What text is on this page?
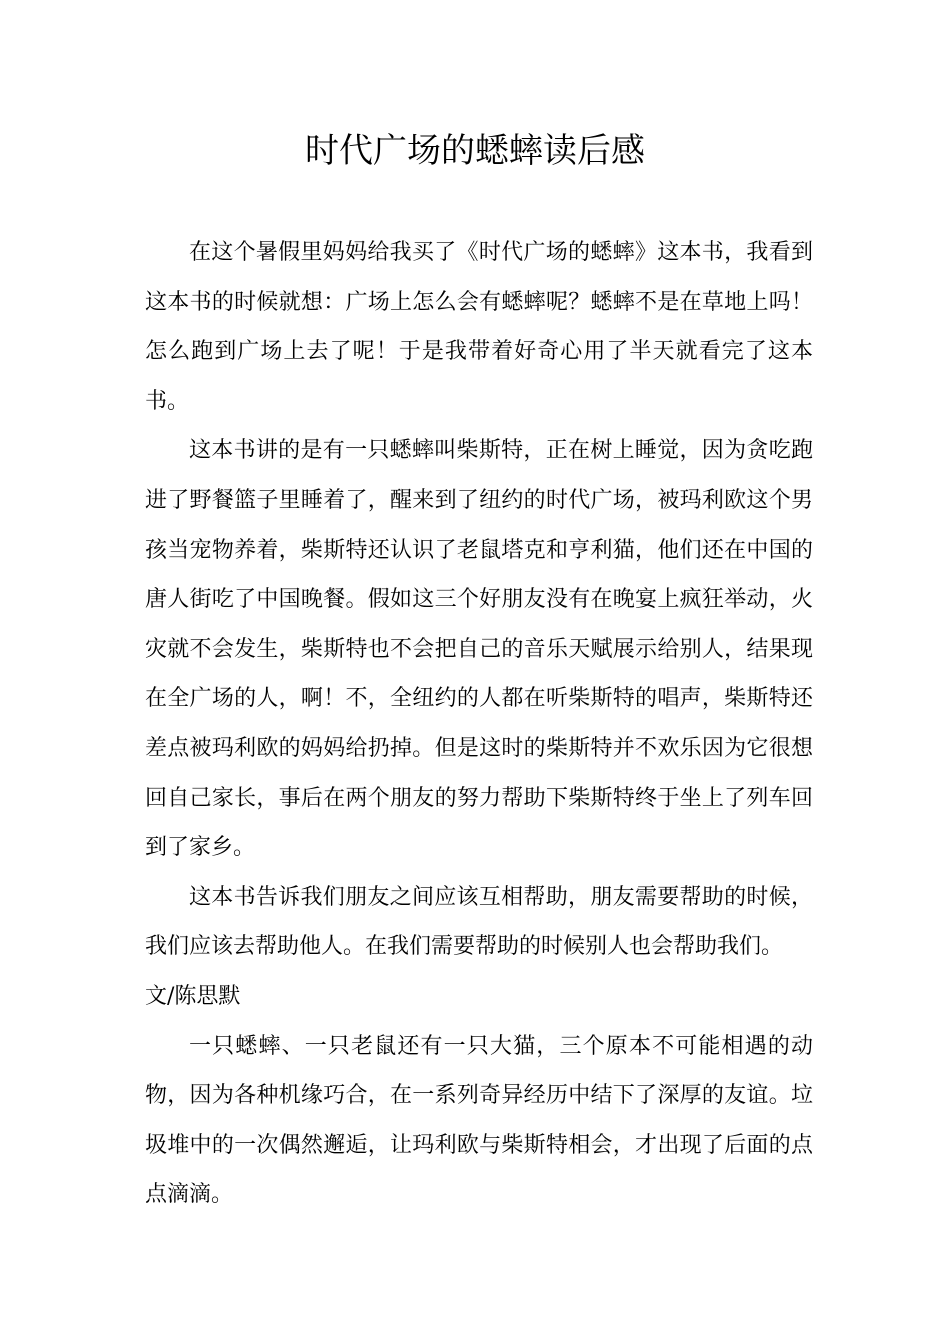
时代广场的蟋蟀读后感

在这个暑假里妈妈给我买了《时代广场的蟋蟀》这本书，我看到这本书的时候就想：广场上怎么会有蟋蟀呢？蟋蟀不是在草地上吗！怎么跑到广场上去了呢！于是我带着好奇心用了半天就看完了这本书。

这本书讲的是有一只蟋蟀叫柴斯特，正在树上睡觉，因为贪吃跑进了野餐篮子里睡着了，醒来到了纽约的时代广场，被玛利欧这个男孩当宠物养着，柴斯特还认识了老鼠塔克和亨利猫，他们还在中国的唐人街吃了中国晚餐。假如这三个好朋友没有在晚宴上疯狂举动，火灾就不会发生，柴斯特也不会把自己的音乐天赋展示给别人，结果现在全广场的人，啊！不，全纽约的人都在听柴斯特的唱声，柴斯特还差点被玛利欧的妈妈给扔掉。但是这时的柴斯特并不欢乐因为它很想回自己家长，事后在两个朋友的努力帮助下柴斯特终于坐上了列车回到了家乡。

这本书告诉我们朋友之间应该互相帮助，朋友需要帮助的时候，我们应该去帮助他人。在我们需要帮助的时候别人也会帮助我们。

文/陈思默

一只蟋蟀、一只老鼠还有一只大猫，三个原本不可能相遇的动物，因为各种机缘巧合，在一系列奇异经历中结下了深厚的友谊。垃圾堆中的一次偶然邂逅，让玛利欧与柴斯特相会，才出现了后面的点点滴滴。
